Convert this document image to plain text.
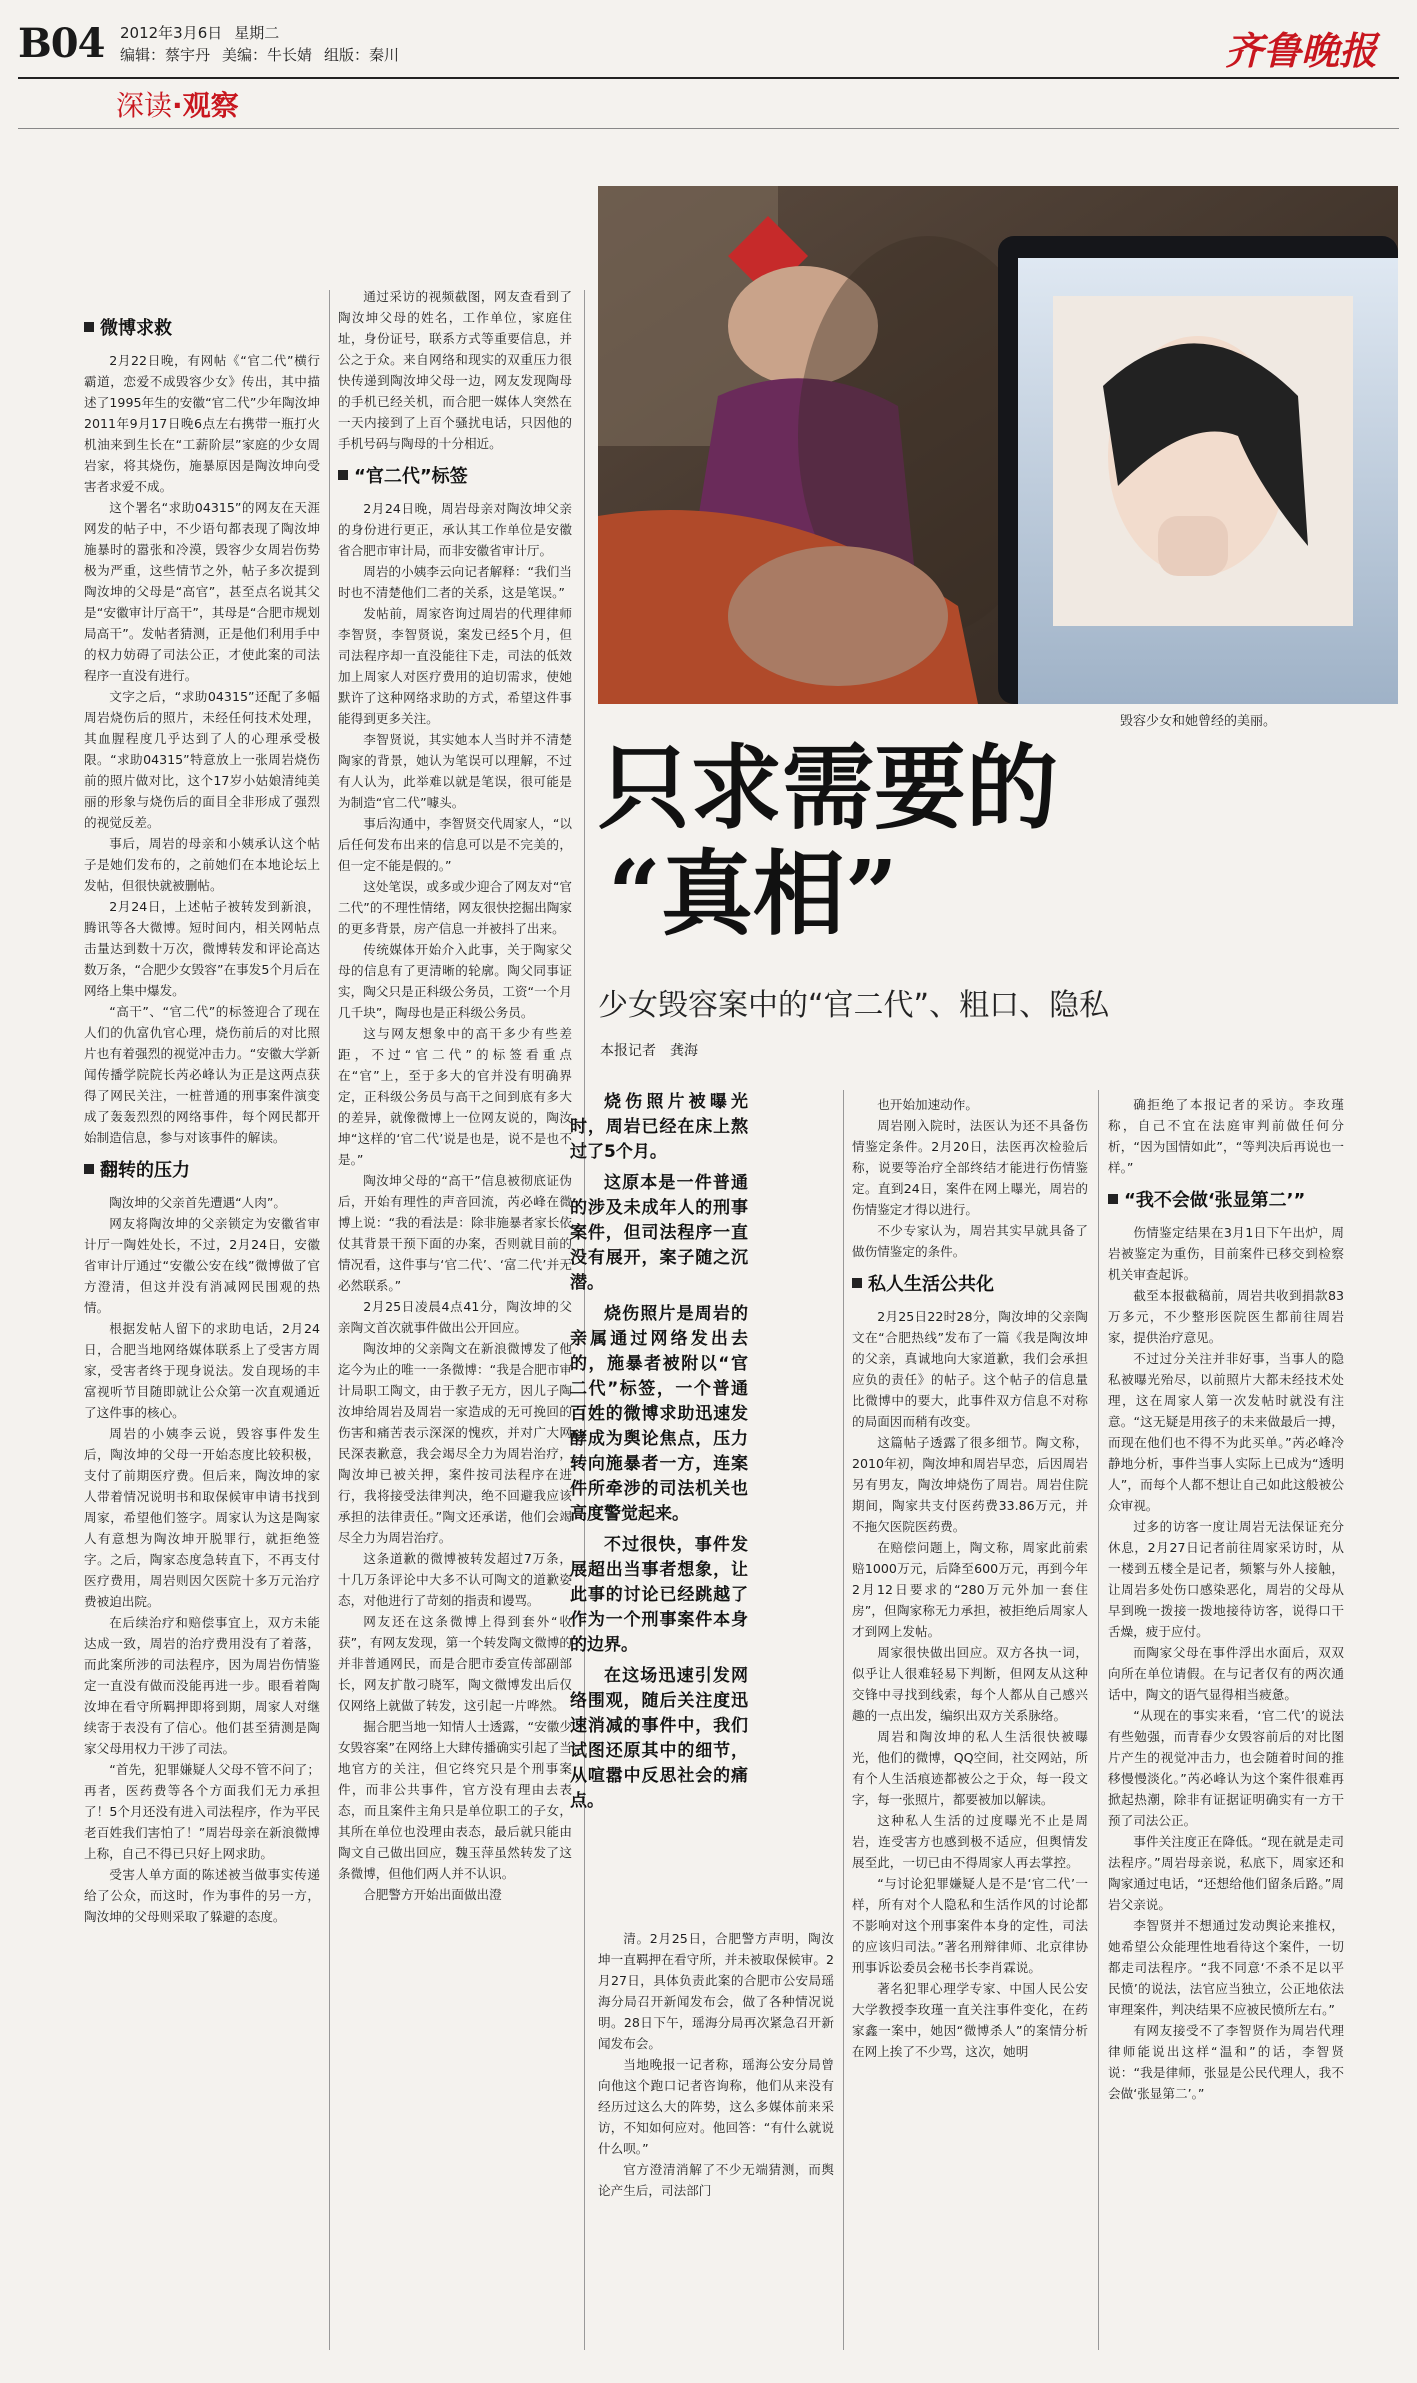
B04 2012年3月6日 星期二
编辑：蔡宇丹 美编：牛长婧 组版：秦川	齐鲁晚报
深读·观察
微博求救

2月22日晚，有网帖《“官二代”横行霸道，恋爱不成毁容少女》传出，其中描述了1995年生的安徽“官二代”少年陶汝坤2011年9月17日晚6点左右携带一瓶打火机油来到生长在“工薪阶层”家庭的少女周岩家，将其烧伤，施暴原因是陶汝坤向受害者求爱不成。

这个署名“求助04315”的网友在天涯网发的帖子中，不少语句都表现了陶汝坤施暴时的嚣张和冷漠，毁容少女周岩伤势极为严重，这些情节之外，帖子多次提到陶汝坤的父母是“高官”，甚至点名说其父是“安徽审计厅高干”，其母是“合肥市规划局高干”。发帖者猜测，正是他们利用手中的权力妨碍了司法公正，才使此案的司法程序一直没有进行。

文字之后，“求助04315”还配了多幅周岩烧伤后的照片，未经任何技术处理，其血腥程度几乎达到了人的心理承受极限。“求助04315”特意放上一张周岩烧伤前的照片做对比，这个17岁小姑娘清纯美丽的形象与烧伤后的面目全非形成了强烈的视觉反差。

事后，周岩的母亲和小姨承认这个帖子是她们发布的，之前她们在本地论坛上发帖，但很快就被删帖。

2月24日，上述帖子被转发到新浪，腾讯等各大微博。短时间内，相关网帖点击量达到数十万次，微博转发和评论高达数万条，“合肥少女毁容”在事发5个月后在网络上集中爆发。

“高干”、“官二代”的标签迎合了现在人们的仇富仇官心理，烧伤前后的对比照片也有着强烈的视觉冲击力。“安徽大学新闻传播学院院长芮必峰认为正是这两点获得了网民关注，一桩普通的刑事案件演变成了轰轰烈烈的网络事件，每个网民都开始制造信息，参与对该事件的解读。

翻转的压力

陶汝坤的父亲首先遭遇“人肉”。

网友将陶汝坤的父亲锁定为安徽省审计厅一陶姓处长，不过，2月24日，安徽省审计厅通过“安徽公安在线”微博做了官方澄清，但这并没有消减网民围观的热情。

根据发帖人留下的求助电话，2月24日，合肥当地网络媒体联系上了受害方周家，受害者终于现身说法。发自现场的丰富视听节目随即就让公众第一次直观通近了这件事的核心。

周岩的小姨李云说，毁容事件发生后，陶汝坤的父母一开始态度比较积极，支付了前期医疗费。但后来，陶汝坤的家人带着情况说明书和取保候审申请书找到周家，希望他们签字。周家认为这是陶家人有意想为陶汝坤开脱罪行，就拒绝签字。之后，陶家态度急转直下，不再支付医疗费用，周岩则因欠医院十多万元治疗费被迫出院。

在后续治疗和赔偿事宜上，双方未能达成一致，周岩的治疗费用没有了着落，而此案所涉的司法程序，因为周岩伤情鉴定一直没有做而没能再进一步。眼看着陶汝坤在看守所羁押即将到期，周家人对继续寄于表没有了信心。他们甚至猜测是陶家父母用权力干涉了司法。

“首先，犯罪嫌疑人父母不管不问了；再者，医药费等各个方面我们无力承担了！5个月还没有进入司法程序，作为平民老百姓我们害怕了！”周岩母亲在新浪微博上称，自己不得已只好上网求助。

受害人单方面的陈述被当做事实传递给了公众，而这时，作为事件的另一方，陶汝坤的父母则采取了躲避的态度。

通过采访的视频截图，网友查看到了陶汝坤父母的姓名，工作单位，家庭住址，身份证号，联系方式等重要信息，并公之于众。来自网络和现实的双重压力很快传递到陶汝坤父母一边，网友发现陶母的手机已经关机，而合肥一媒体人突然在一天内接到了上百个骚扰电话，只因他的手机号码与陶母的十分相近。

“官二代”标签

2月24日晚，周岩母亲对陶汝坤父亲的身份进行更正，承认其工作单位是安徽省合肥市审计局，而非安徽省审计厅。

周岩的小姨李云向记者解释：“我们当时也不清楚他们二者的关系，这是笔误。”

发帖前，周家咨询过周岩的代理律师李智贤，李智贤说，案发已经5个月，但司法程序却一直没能往下走，司法的低效加上周家人对医疗费用的迫切需求，使她默许了这种网络求助的方式，希望这件事能得到更多关注。

李智贤说，其实她本人当时并不清楚陶家的背景，她认为笔误可以理解，不过有人认为，此举难以就是笔误，很可能是为制造“官二代”噱头。

事后沟通中，李智贤交代周家人，“以后任何发布出来的信息可以是不完美的，但一定不能是假的。”

这处笔误，或多或少迎合了网友对“官二代”的不理性情绪，网友很快挖掘出陶家的更多背景，房产信息一并被抖了出来。

传统媒体开始介入此事，关于陶家父母的信息有了更清晰的轮廓。陶父同事证实，陶父只是正科级公务员，工资“一个月几千块”，陶母也是正科级公务员。

这与网友想象中的高干多少有些差距，不过“官二代”的标签看重点在“官”上，至于多大的官并没有明确界定，正科级公务员与高干之间到底有多大的差异，就像微博上一位网友说的，陶汝坤“这样的‘官二代’说是也是，说不是也不是。”

陶汝坤父母的“高干”信息被彻底证伪后，开始有理性的声音回流，芮必峰在微博上说：“我的看法是：除非施暴者家长依仗其背景干预下面的办案，否则就目前的情况看，这件事与‘官二代’、‘富二代’并无必然联系。”

2月25日凌晨4点41分，陶汝坤的父亲陶文首次就事件做出公开回应。

陶汝坤的父亲陶文在新浪微博发了他迄今为止的唯一一条微博：“我是合肥市审计局职工陶文，由于教子无方，因儿子陶汝坤给周岩及周岩一家造成的无可挽回的伤害和痛苦表示深深的愧疚，并对广大网民深表歉意，我会竭尽全力为周岩治疗，陶汝坤已被关押，案件按司法程序在进行，我将接受法律判决，绝不回避我应该承担的法律责任。”陶文还承诺，他们会竭尽全力为周岩治疗。

这条道歉的微博被转发超过7万条，十几万条评论中大多不认可陶文的道歉姿态，对他进行了苛刻的指责和谩骂。

网友还在这条微博上得到套外“收获”，有网友发现，第一个转发陶文微博的并非普通网民，而是合肥市委宣传部副部长，网友扩散刁晓军，陶文微博发出后仅仅网络上就做了转发，这引起一片哗然。

掘合肥当地一知情人士透露，“安徽少女毁容案”在网络上大肆传播确实引起了当地官方的关注，但它终究只是个刑事案件，而非公共事件，官方没有理由去表态，而且案件主角只是单位职工的子女，其所在单位也没理由表态，最后就只能由陶文自己做出回应，魏玉萍虽然转发了这条微博，但他们两人并不认识。

合肥警方开始出面做出澄

毁容少女和她曾经的美丽。
只求需要的
“真相”
少女毁容案中的“官二代”、粗口、隐私
本报记者　龚海

烧伤照片被曝光时，周岩已经在床上熬过了5个月。

这原本是一件普通的涉及未成年人的刑事案件，但司法程序一直没有展开，案子随之沉潜。

烧伤照片是周岩的亲属通过网络发出去的，施暴者被附以“官二代”标签，一个普通百姓的微博求助迅速发酵成为舆论焦点，压力转向施暴者一方，连案件所牵涉的司法机关也高度警觉起来。

不过很快，事件发展超出当事者想象，让此事的讨论已经跳越了作为一个刑事案件本身的边界。

在这场迅速引发网络围观，随后关注度迅速消减的事件中，我们试图还原其中的细节，从喧嚣中反思社会的痛点。

清。2月25日，合肥警方声明，陶汝坤一直羁押在看守所，并未被取保候审。2月27日，具体负责此案的合肥市公安局瑶海分局召开新闻发布会，做了各种情况说明。28日下午，瑶海分局再次紧急召开新闻发布会。

当地晚报一记者称，瑶海公安分局曾向他这个跑口记者咨询称，他们从来没有经历过这么大的阵势，这么多媒体前来采访，不知如何应对。他回答：“有什么就说什么呗。”

官方澄清消解了不少无端猜测，而舆论产生后，司法部门

也开始加速动作。

周岩刚入院时，法医认为还不具备伤情鉴定条件。2月20日，法医再次检验后称，说要等治疗全部终结才能进行伤情鉴定。直到24日，案件在网上曝光，周岩的伤情鉴定才得以进行。

不少专家认为，周岩其实早就具备了做伤情鉴定的条件。

私人生活公共化

2月25日22时28分，陶汝坤的父亲陶文在“合肥热线”发布了一篇《我是陶汝坤的父亲，真诚地向大家道歉，我们会承担应负的责任》的帖子。这个帖子的信息量比微博中的要大，此事件双方信息不对称的局面因而稍有改变。

这篇帖子透露了很多细节。陶文称，2010年初，陶汝坤和周岩早恋，后因周岩另有男友，陶汝坤烧伤了周岩。周岩住院期间，陶家共支付医药费33.86万元，并不拖欠医院医药费。

在赔偿问题上，陶文称，周家此前索赔1000万元，后降至600万元，再到今年2月12日要求的“280万元外加一套住房”，但陶家称无力承担，被拒绝后周家人才到网上发帖。

周家很快做出回应。双方各执一词，似乎让人很难轻易下判断，但网友从这种交锋中寻找到线索，每个人都从自己感兴趣的一点出发，编织出双方关系脉络。

周岩和陶汝坤的私人生活很快被曝光，他们的微博，QQ空间，社交网站，所有个人生活痕迹都被公之于众，每一段文字，每一张照片，都要被加以解读。

这种私人生活的过度曝光不止是周岩，连受害方也感到极不适应，但舆情发展至此，一切已由不得周家人再去掌控。

“与讨论犯罪嫌疑人是不是‘官二代’一样，所有对个人隐私和生活作风的讨论都不影响对这个刑事案件本身的定性，司法的应该归司法。”著名刑辩律师、北京律协刑事诉讼委员会秘书长李肖霖说。

著名犯罪心理学专家、中国人民公安大学教授李玫瑾一直关注事件变化，在药家鑫一案中，她因“微博杀人”的案情分析在网上挨了不少骂，这次，她明

确拒绝了本报记者的采访。李玫瑾称，自己不宜在法庭审判前做任何分析，“因为国情如此”，“等判决后再说也一样。”

“我不会做‘张显第二’”

伤情鉴定结果在3月1日下午出炉，周岩被鉴定为重伤，目前案件已移交到检察机关审查起诉。

截至本报截稿前，周岩共收到捐款83万多元，不少整形医院医生都前往周岩家，提供治疗意见。

不过过分关注并非好事，当事人的隐私被曝光殆尽，以前照片大都未经技术处理，这在周家人第一次发帖时就没有注意。“这无疑是用孩子的未来做最后一搏，而现在他们也不得不为此买单。”芮必峰冷静地分析，事件当事人实际上已成为“透明人”，而每个人都不想让自己如此这般被公众审视。

过多的访客一度让周岩无法保证充分休息，2月27日记者前往周家采访时，从一楼到五楼全是记者，频繁与外人接触，让周岩多处伤口感染恶化，周岩的父母从早到晚一拨接一拨地接待访客，说得口干舌燥，疲于应付。

而陶家父母在事件浮出水面后，双双向所在单位请假。在与记者仅有的两次通话中，陶文的语气显得相当疲惫。

“从现在的事实来看，‘官二代’的说法有些勉强，而青春少女毁容前后的对比图片产生的视觉冲击力，也会随着时间的推移慢慢淡化。”芮必峰认为这个案件很难再掀起热潮，除非有证据证明确实有一方干预了司法公正。

事件关注度正在降低。“现在就是走司法程序。”周岩母亲说，私底下，周家还和陶家通过电话，“还想给他们留条后路。”周岩父亲说。

李智贤并不想通过发动舆论来推权，她希望公众能理性地看待这个案件，一切都走司法程序。“我不同意‘不杀不足以平民愤’的说法，法官应当独立，公正地依法审理案件，判决结果不应被民愤所左右。”

有网友接受不了李智贤作为周岩代理律师能说出这样“温和”的话，李智贤说：“我是律师，张显是公民代理人，我不会做‘张显第二’。”
